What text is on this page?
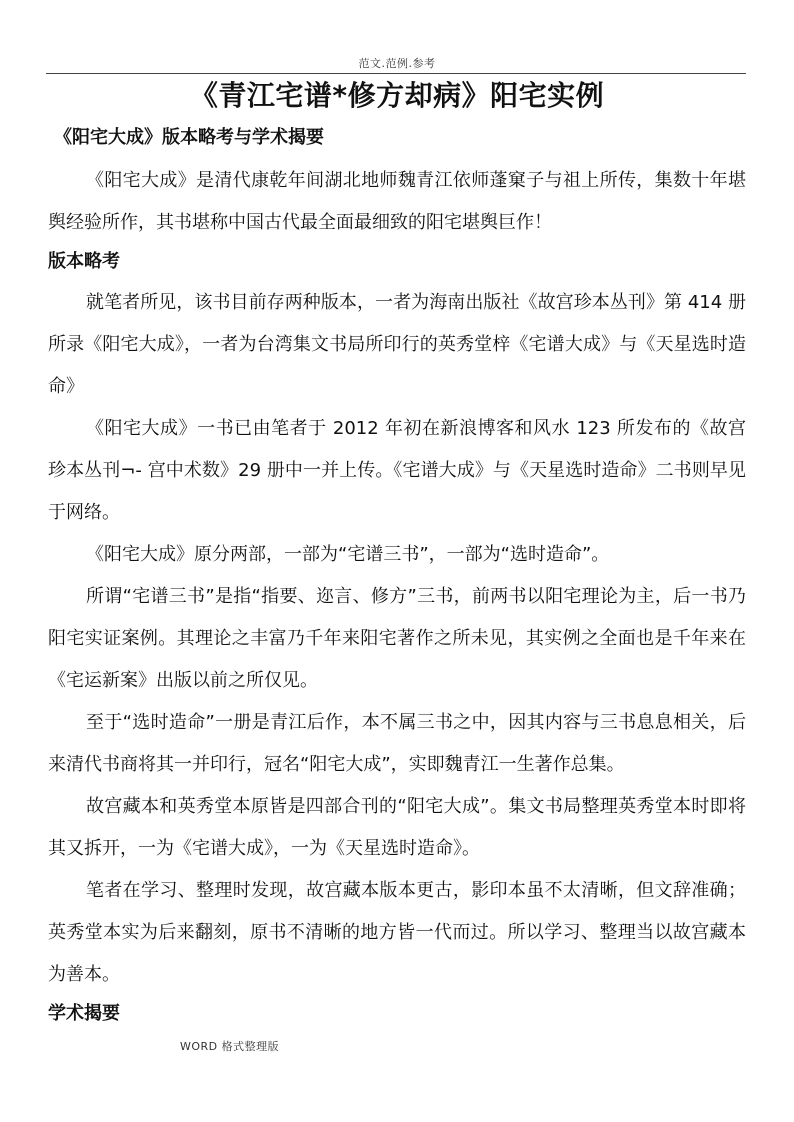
范文.范例.参考
《青江宅谱*修方却病》阳宅实例
《阳宅大成》版本略考与学术揭要

《阳宅大成》是清代康乾年间湖北地师魏青江依师蓬窠子与祖上所传，集数十年堪舆经验所作，其书堪称中国古代最全面最细致的阳宅堪舆巨作！

版本略考

就笔者所见，该书目前存两种版本，一者为海南出版社《故宫珍本丛刊》第 414 册所录《阳宅大成》，一者为台湾集文书局所印行的英秀堂梓《宅谱大成》与《天星选时造命》

《阳宅大成》一书已由笔者于 2012 年初在新浪博客和风水 123 所发布的《故宫珍本丛刊¬- 宫中术数》29 册中一并上传。《宅谱大成》与《天星选时造命》二书则早见于网络。

《阳宅大成》原分两部，一部为“宅谱三书”，一部为“选时造命”。

所谓“宅谱三书”是指“指要、迩言、修方”三书，前两书以阳宅理论为主，后一书乃阳宅实证案例。其理论之丰富乃千年来阳宅著作之所未见，其实例之全面也是千年来在《宅运新案》出版以前之所仅见。

至于“选时造命”一册是青江后作，本不属三书之中，因其内容与三书息息相关，后来清代书商将其一并印行，冠名“阳宅大成”，实即魏青江一生著作总集。

故宫藏本和英秀堂本原皆是四部合刊的“阳宅大成”。集文书局整理英秀堂本时即将其又拆开，一为《宅谱大成》，一为《天星选时造命》。

笔者在学习、整理时发现，故宫藏本版本更古，影印本虽不太清晰，但文辞准确；英秀堂本实为后来翻刻，原书不清晰的地方皆一代而过。所以学习、整理当以故宫藏本为善本。

学术揭要
WORD 格式整理版
